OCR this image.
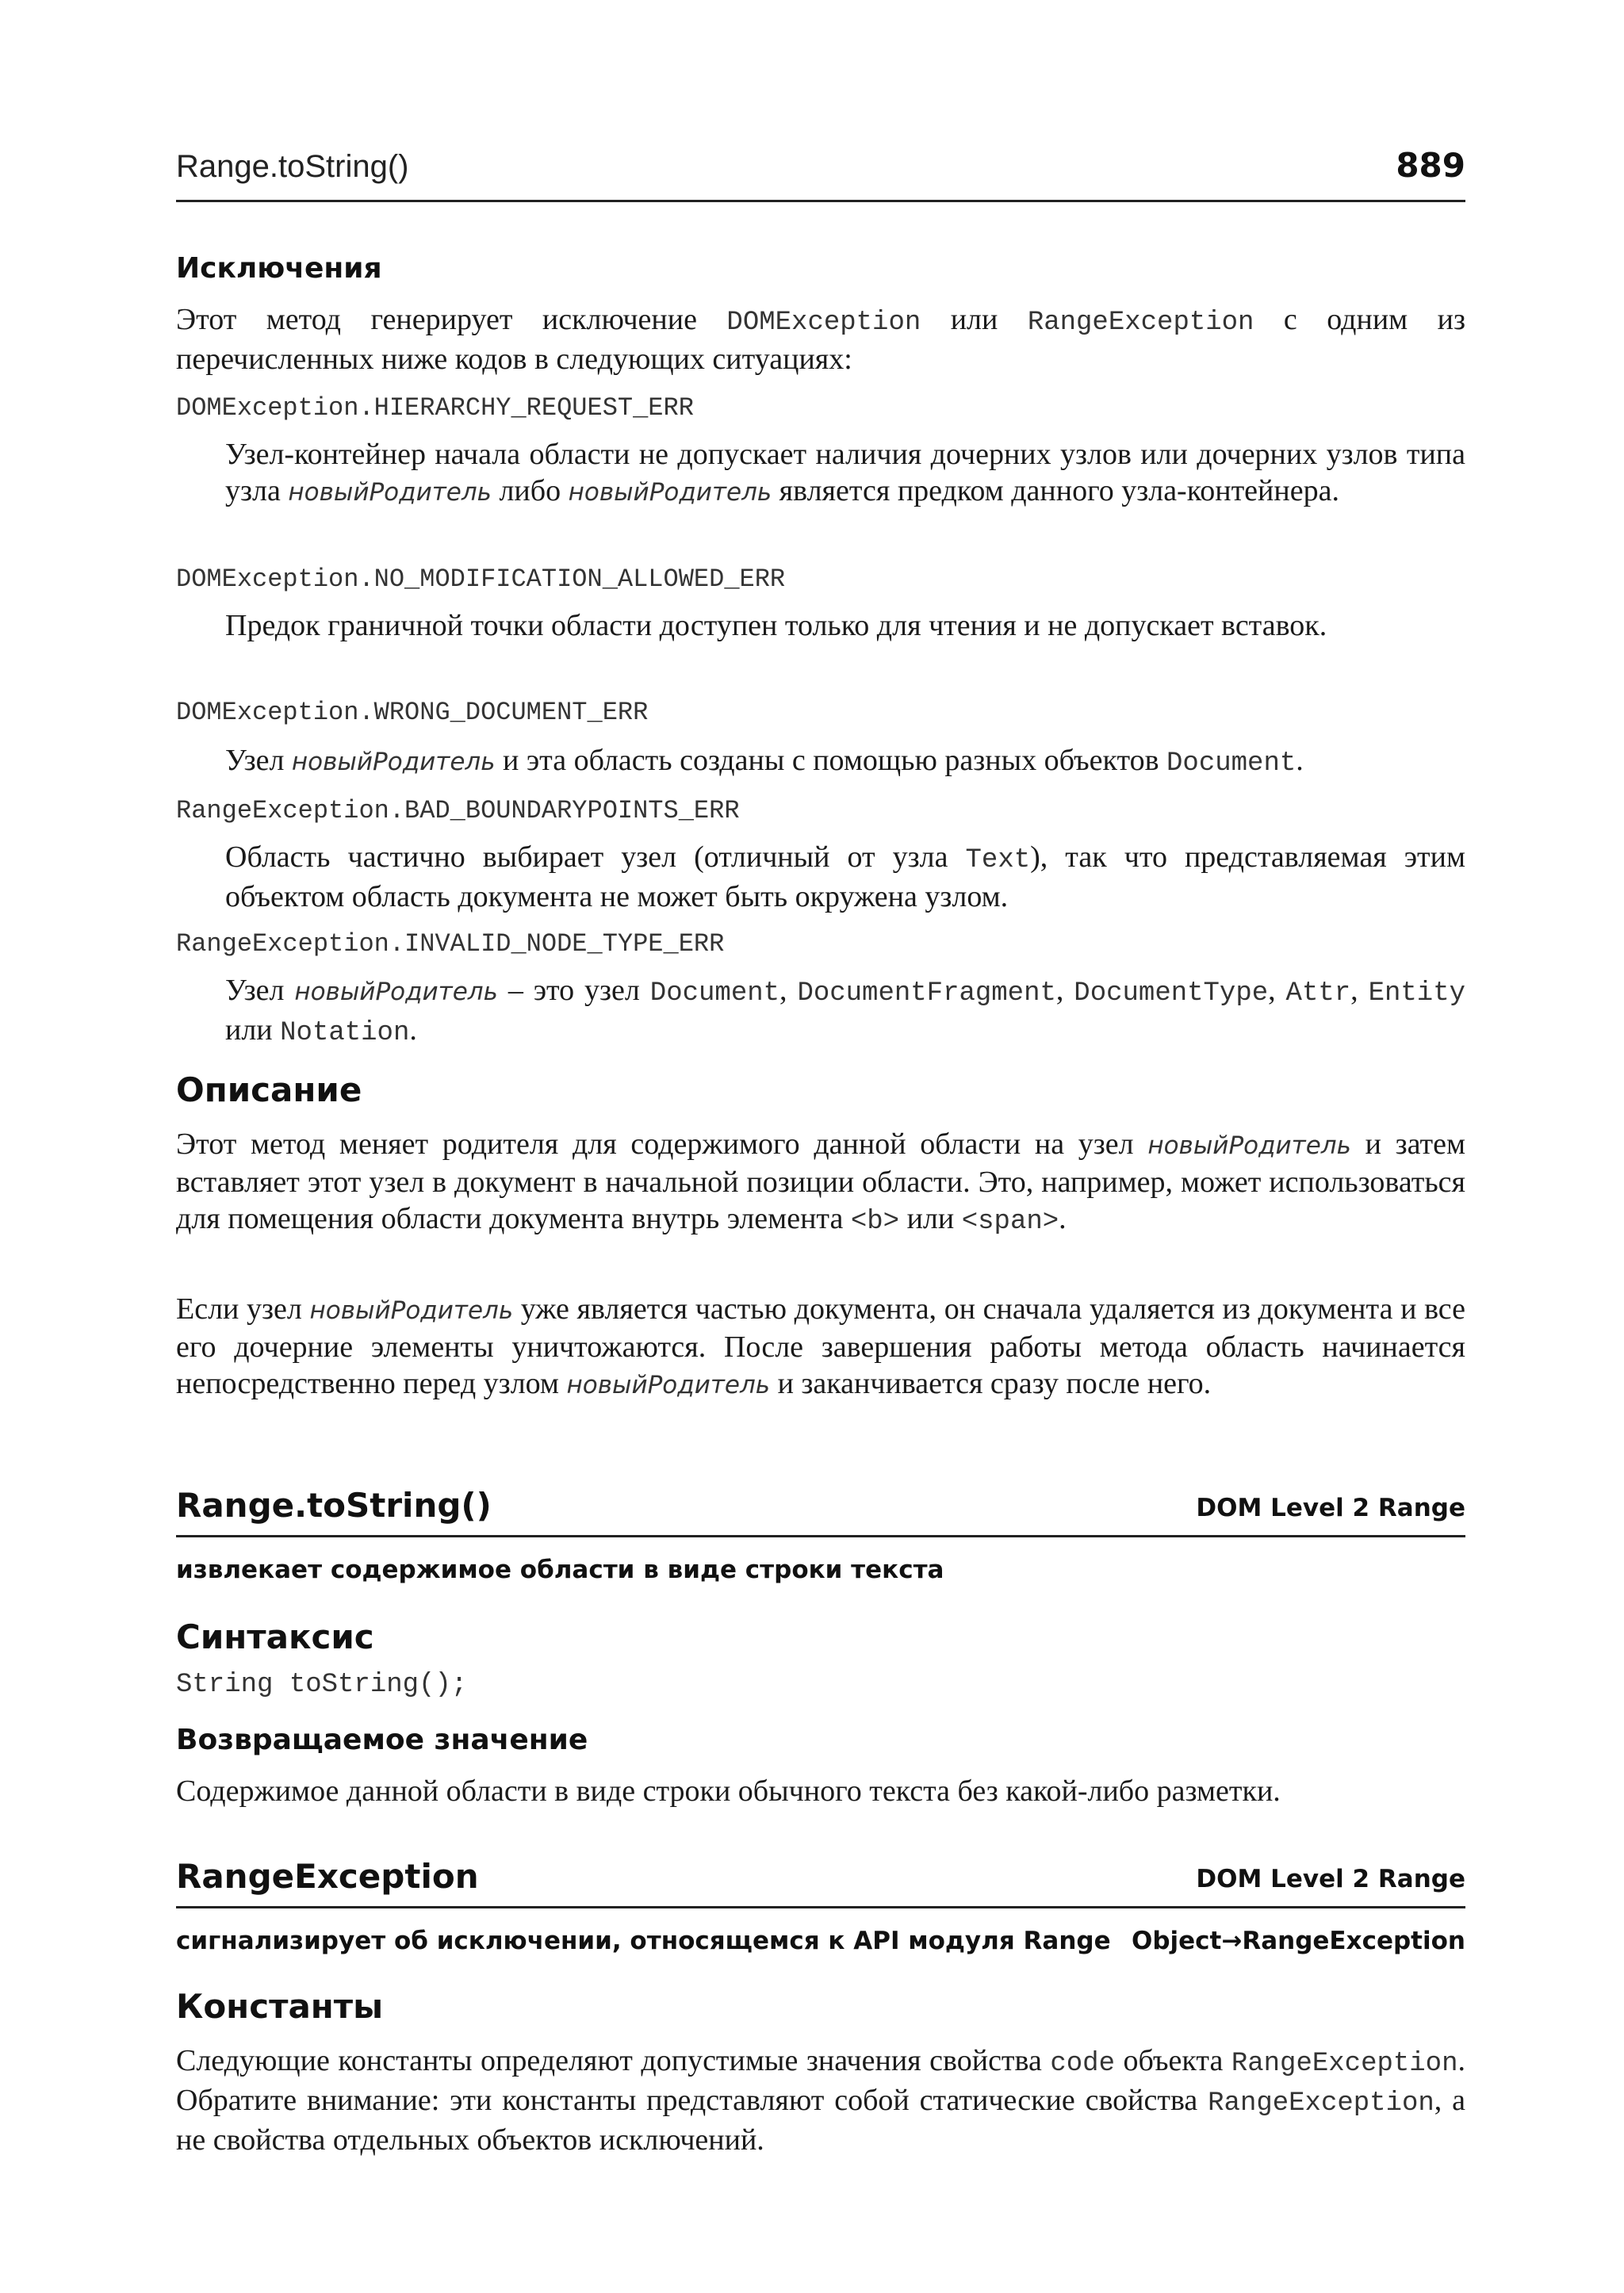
Range.toString()	889
Исключения
Этот метод генерирует исключение DOMException или RangeException с одним из перечисленных ниже кодов в следующих ситуациях:
DOMException.HIERARCHY_REQUEST_ERR
Узел-контейнер начала области не допускает наличия дочерних узлов или дочерних узлов типа узла новыйРодитель либо новыйРодитель является предком данного узла-контейнера.
DOMException.NO_MODIFICATION_ALLOWED_ERR
Предок граничной точки области доступен только для чтения и не допускает вставок.
DOMException.WRONG_DOCUMENT_ERR
Узел новыйРодитель и эта область созданы с помощью разных объектов Document.
RangeException.BAD_BOUNDARYPOINTS_ERR
Область частично выбирает узел (отличный от узла Text), так что представляемая этим объектом область документа не может быть окружена узлом.
RangeException.INVALID_NODE_TYPE_ERR
Узел новыйРодитель – это узел Document, DocumentFragment, DocumentType, Attr, Entity или Notation.
Описание
Этот метод меняет родителя для содержимого данной области на узел новыйРодитель и затем вставляет этот узел в документ в начальной позиции области. Это, например, может использоваться для помещения области документа внутрь элемента <b> или <span>.
Если узел новыйРодитель уже является частью документа, он сначала удаляется из документа и все его дочерние элементы уничтожаются. После завершения работы метода область начинается непосредственно перед узлом новыйРодитель и заканчивается сразу после него.
Range.toString()	DOM Level 2 Range
извлекает содержимое области в виде строки текста
Синтаксис
String toString();
Возвращаемое значение
Содержимое данной области в виде строки обычного текста без какой-либо разметки.
RangeException	DOM Level 2 Range
сигнализирует об исключении, относящемся к API модуля Range Object→RangeException
Константы
Следующие константы определяют допустимые значения свойства code объекта RangeException. Обратите внимание: эти константы представляют собой статические свойства RangeException, а не свойства отдельных объектов исключений.
